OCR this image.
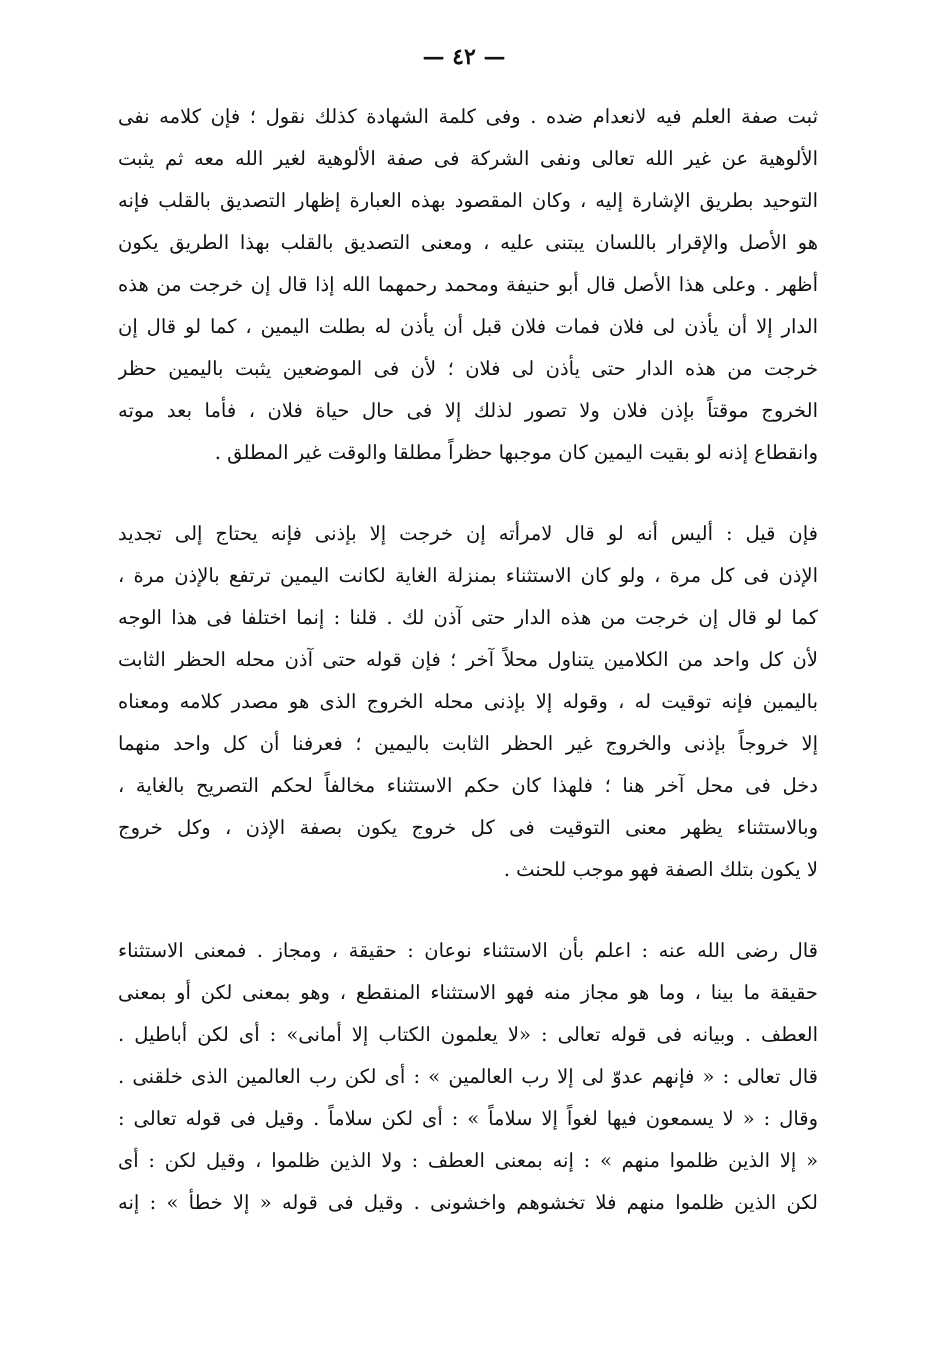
— ٤٢ —
ثبت صفة العلم فيه لانعدام ضده . وفى كلمة الشهادة كذلك نقول ؛ فإن كلامه نفى
الألوهية عن غير الله تعالى ونفى الشركة فى صفة الألوهية لغير الله معه ثم يثبت
التوحيد بطريق الإشارة إليه ، وكان المقصود بهذه العبارة إظهار التصديق بالقلب فإنه
هو الأصل والإقرار باللسان يبتنى عليه ، ومعنى التصديق بالقلب بهذا الطريق يكون
أظهر . وعلى هذا الأصل قال أبو حنيفة ومحمد رحمهما الله إذا قال إن خرجت من هذه
الدار إلا أن يأذن لى فلان فمات فلان قبل أن يأذن له بطلت اليمين ، كما لو قال إن
خرجت من هذه الدار حتى يأذن لى فلان ؛ لأن فى الموضعين يثبت باليمين حظر
الخروج موقتاً بإذن فلان ولا تصور لذلك إلا فى حال حياة فلان ، فأما بعد موته
وانقطاع إذنه لو بقيت اليمين كان موجبها حظراً مطلقا والوقت غير المطلق .
فإن قيل : أليس أنه لو قال لامرأته إن خرجت إلا بإذنى فإنه يحتاج إلى تجديد
الإذن فى كل مرة ، ولو كان الاستثناء بمنزلة الغاية لكانت اليمين ترتفع بالإذن مرة ،
كما لو قال إن خرجت من هذه الدار حتى آذن لك . قلنا : إنما اختلفا فى هذا الوجه
لأن كل واحد من الكلامين يتناول محلاً آخر ؛ فإن قوله حتى آذن محله الحظر الثابت
باليمين فإنه توقيت له ، وقوله إلا بإذنى محله الخروج الذى هو مصدر كلامه ومعناه
إلا خروجاً بإذنى والخروج غير الحظر الثابت باليمين ؛ فعرفنا أن كل واحد منهما
دخل فى محل آخر هنا ؛ فلهذا كان حكم الاستثناء مخالفاً لحكم التصريح بالغاية ،
وبالاستثناء يظهر معنى التوقيت فى كل خروج يكون بصفة الإذن ، وكل خروج
لا يكون بتلك الصفة فهو موجب للحنث .
قال رضى الله عنه : اعلم بأن الاستثناء نوعان : حقيقة ، ومجاز . فمعنى الاستثناء
حقيقة ما بينا ، وما هو مجاز منه فهو الاستثناء المنقطع ، وهو بمعنى لكن أو بمعنى
العطف . وبيانه فى قوله تعالى : «لا يعلمون الكتاب إلا أمانى» : أى لكن أباطيل .
قال تعالى : « فإنهم عدوّ لى إلا رب العالمين » : أى لكن رب العالمين الذى خلقنى .
وقال : « لا يسمعون فيها لغواً إلا سلاماً » : أى لكن سلاماً . وقيل فى قوله تعالى :
« إلا الذين ظلموا منهم » : إنه بمعنى العطف : ولا الذين ظلموا ، وقيل لكن : أى
لكن الذين ظلموا منهم فلا تخشوهم واخشونى . وقيل فى قوله « إلا خطأ » : إنه
